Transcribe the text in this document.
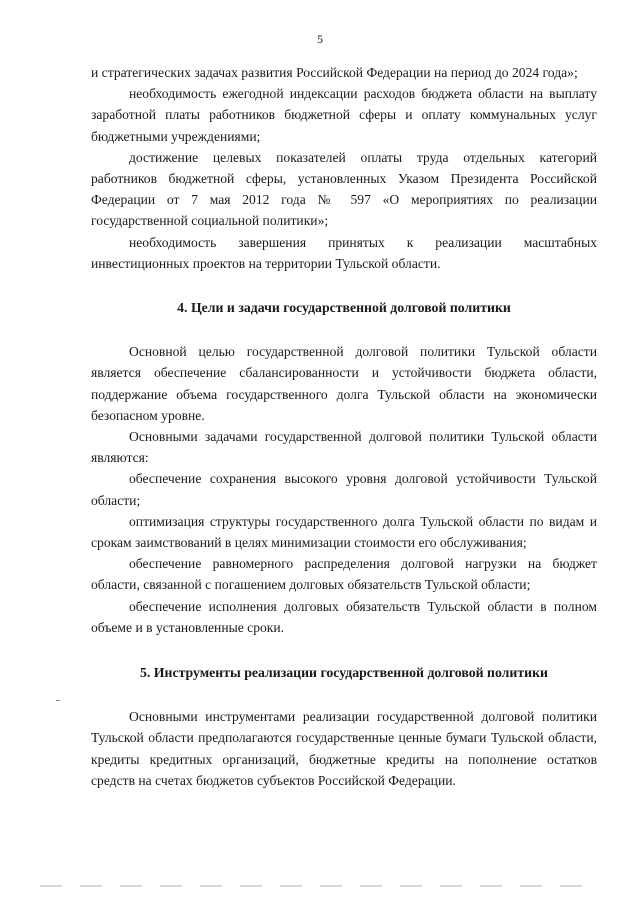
5

и стратегических задачах развития Российской Федерации на период до 2024 года»;

необходимость ежегодной индексации расходов бюджета области на выплату заработной платы работников бюджетной сферы и оплату коммунальных услуг бюджетными учреждениями;

достижение целевых показателей оплаты труда отдельных категорий работников бюджетной сферы, установленных Указом Президента Российской Федерации от 7 мая 2012 года № 597 «О мероприятиях по реализации государственной социальной политики»;

необходимость завершения принятых к реализации масштабных инвестиционных проектов на территории Тульской области.

4. Цели и задачи государственной долговой политики

Основной целью государственной долговой политики Тульской области является обеспечение сбалансированности и устойчивости бюджета области, поддержание объема государственного долга Тульской области на экономически безопасном уровне.

Основными задачами государственной долговой политики Тульской области являются:

обеспечение сохранения высокого уровня долговой устойчивости Тульской области;

оптимизация структуры государственного долга Тульской области по видам и срокам заимствований в целях минимизации стоимости его обслуживания;

обеспечение равномерного распределения долговой нагрузки на бюджет области, связанной с погашением долговых обязательств Тульской области;

обеспечение исполнения долговых обязательств Тульской области в полном объеме и в установленные сроки.

5. Инструменты реализации государственной долговой политики

Основными инструментами реализации государственной долговой политики Тульской области предполагаются государственные ценные бумаги Тульской области, кредиты кредитных организаций, бюджетные кредиты на пополнение остатков средств на счетах бюджетов субъектов Российской Федерации.
